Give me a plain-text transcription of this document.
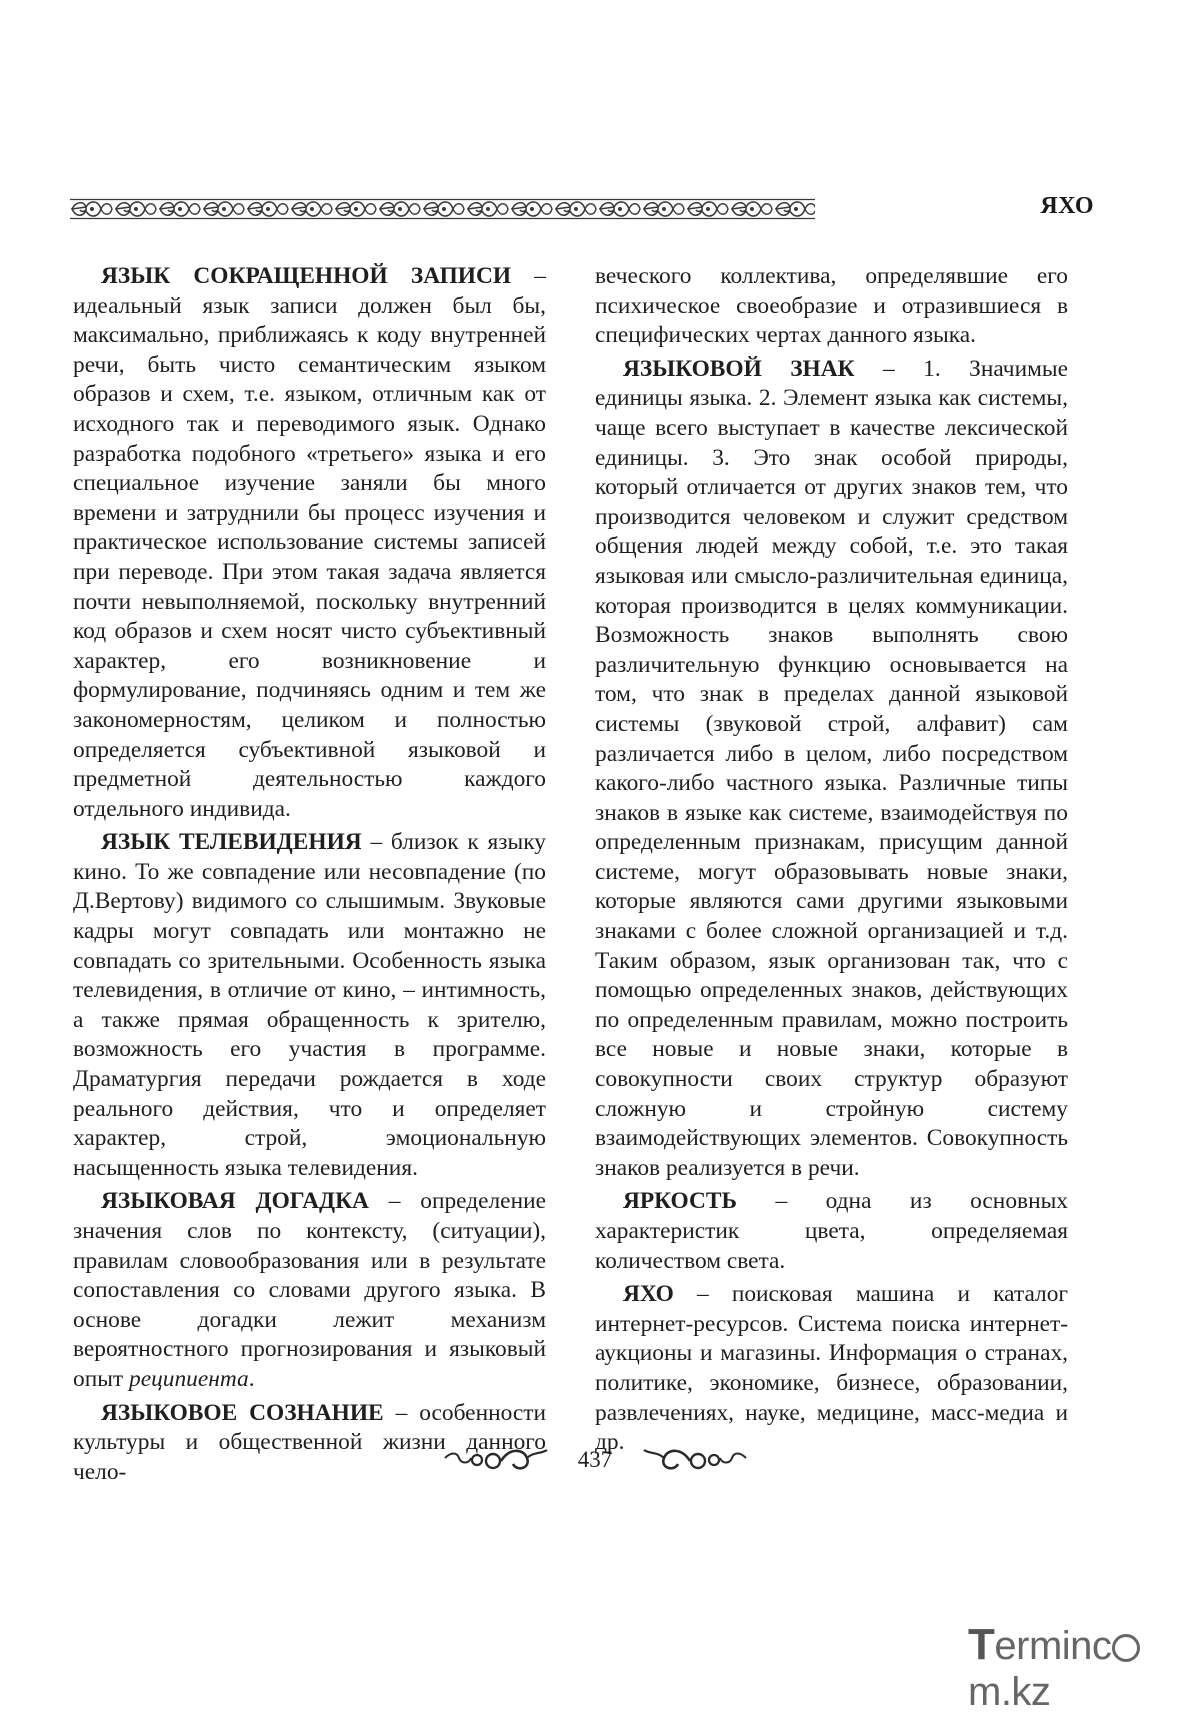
ЯХО

ЯЗЫК СОКРАЩЕННОЙ ЗАПИСИ – идеальный язык записи должен был бы, максимально, приближаясь к коду внутренней речи, быть чисто семантическим языком образов и схем, т.е. языком, отличным как от исходного так и переводимого язык. Однако разработка подобного «третьего» языка и его специальное изучение заняли бы много времени и затруднили бы процесс изучения и практическое использование системы записей при переводе. При этом такая задача является почти невыполняемой, поскольку внутренний код образов и схем носят чисто субъективный характер, его возникновение и формулирование, подчиняясь одним и тем же закономерностям, целиком и полностью определяется субъективной языковой и предметной деятельностью каждого отдельного индивида.

ЯЗЫК ТЕЛЕВИДЕНИЯ – близок к языку кино. То же совпадение или несовпадение (по Д.Вертову) видимого со слышимым. Звуковые кадры могут совпадать или монтажно не совпадать со зрительными. Особенность языка телевидения, в отличие от кино, – интимность, а также прямая обращенность к зрителю, возможность его участия в программе. Драматургия передачи рождается в ходе реального действия, что и определяет характер, строй, эмоциональную насыщенность языка телевидения.

ЯЗЫКОВАЯ ДОГАДКА – определение значения слов по контексту, (ситуации), правилам словообразования или в результате сопоставления со словами другого языка. В основе догадки лежит механизм вероятностного прогнозирования и языковый опыт реципиента.

ЯЗЫКОВОЕ СОЗНАНИЕ – особенности культуры и общественной жизни данного чело-

веческого коллектива, определявшие его психическое своеобразие и отразившиеся в специфических чертах данного языка.

ЯЗЫКОВОЙ ЗНАК – 1. Значимые единицы языка. 2. Элемент языка как системы, чаще всего выступает в качестве лексической единицы. 3. Это знак особой природы, который отличается от других знаков тем, что производится человеком и служит средством общения людей между собой, т.е. это такая языковая или смысло-различительная единица, которая производится в целях коммуникации. Возможность знаков выполнять свою различительную функцию основывается на том, что знак в пределах данной языковой системы (звуковой строй, алфавит) сам различается либо в целом, либо посредством какого-либо частного языка. Различные типы знаков в языке как системе, взаимодействуя по определенным признакам, присущим данной системе, могут образовывать новые знаки, которые являются сами другими языковыми знаками с более сложной организацией и т.д. Таким образом, язык организован так, что с помощью определенных знаков, действующих по определенным правилам, можно построить все новые и новые знаки, которые в совокупности своих структур образуют сложную и стройную систему взаимодействующих элементов. Совокупность знаков реализуется в речи.

ЯРКОСТЬ – одна из основных характеристик цвета, определяемая количеством света.

ЯХО – поисковая машина и каталог интернет-ресурсов. Система поиска интернет-аукционы и магазины. Информация о странах, политике, экономике, бизнесе, образовании, развлечениях, науке, медицине, масс-медиа и др.

437
Termincm.kz
